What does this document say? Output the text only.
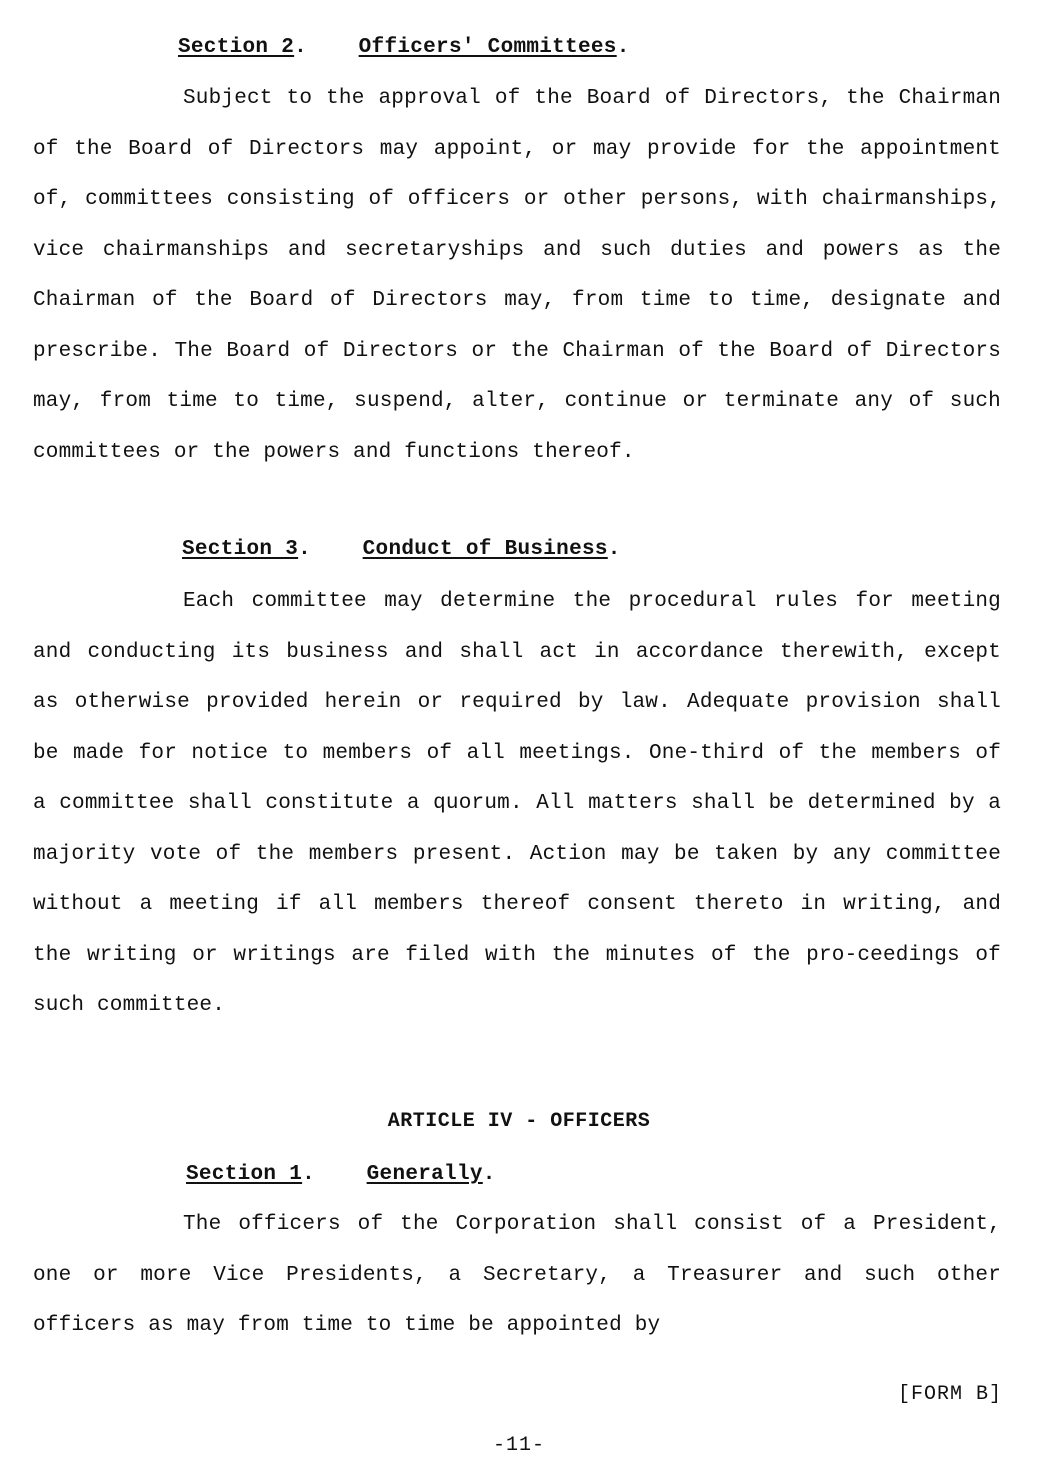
Section 2.    Officers' Committees.
Subject to the approval of the Board of Directors, the Chairman of the Board of Directors may appoint, or may provide for the appointment of, committees consisting of officers or other persons, with chairmanships, vice chairmanships and secretaryships and such duties and powers as the Chairman of the Board of Directors may, from time to time, designate and prescribe. The Board of Directors or the Chairman of the Board of Directors may, from time to time, suspend, alter, continue or terminate any of such committees or the powers and functions thereof.
Section 3.    Conduct of Business.
Each committee may determine the procedural rules for meeting and conducting its business and shall act in accordance therewith, except as otherwise provided herein or required by law. Adequate provision shall be made for notice to members of all meetings. One-third of the members of a committee shall constitute a quorum. All matters shall be determined by a majority vote of the members present. Action may be taken by any committee without a meeting if all members thereof consent thereto in writing, and the writing or writings are filed with the minutes of the pro-ceedings of such committee.
ARTICLE IV - OFFICERS
Section 1.    Generally.
The officers of the Corporation shall consist of a President, one or more Vice Presidents, a Secretary, a Treasurer and such other officers as may from time to time be appointed by
[FORM B]
-11-
